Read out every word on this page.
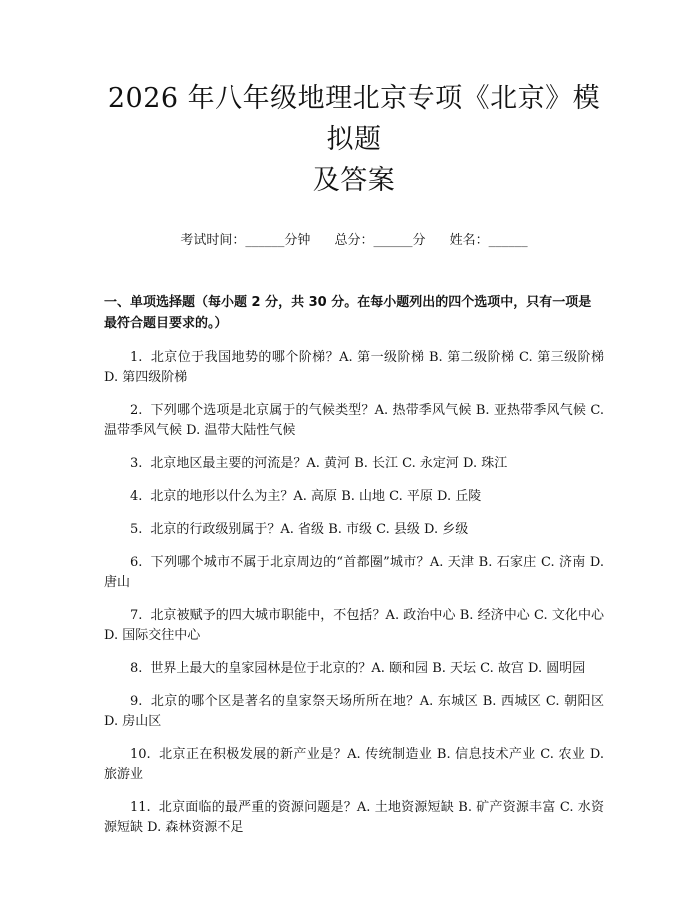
2026 年八年级地理北京专项《北京》模拟题
及答案
考试时间：______分钟 总分：______分 姓名：______
一、单项选择题（每小题 2 分，共 30 分。在每小题列出的四个选项中，只有一项是最符合题目要求的。）
1. 北京位于我国地势的哪个阶梯？A. 第一级阶梯 B. 第二级阶梯 C. 第三级阶梯 D. 第四级阶梯
2. 下列哪个选项是北京属于的气候类型？A. 热带季风气候 B. 亚热带季风气候 C. 温带季风气候 D. 温带大陆性气候
3. 北京地区最主要的河流是？A. 黄河 B. 长江 C. 永定河 D. 珠江
4. 北京的地形以什么为主？A. 高原 B. 山地 C. 平原 D. 丘陵
5. 北京的行政级别属于？A. 省级 B. 市级 C. 县级 D. 乡级
6. 下列哪个城市不属于北京周边的“首都圈”城市？A. 天津 B. 石家庄 C. 济南 D. 唐山
7. 北京被赋予的四大城市职能中，不包括？A. 政治中心 B. 经济中心 C. 文化中心 D. 国际交往中心
8. 世界上最大的皇家园林是位于北京的？A. 颐和园 B. 天坛 C. 故宫 D. 圆明园
9. 北京的哪个区是著名的皇家祭天场所所在地？A. 东城区 B. 西城区 C. 朝阳区 D. 房山区
10. 北京正在积极发展的新产业是？A. 传统制造业 B. 信息技术产业 C. 农业 D. 旅游业
11. 北京面临的最严重的资源问题是？A. 土地资源短缺 B. 矿产资源丰富 C. 水资源短缺 D. 森林资源不足
